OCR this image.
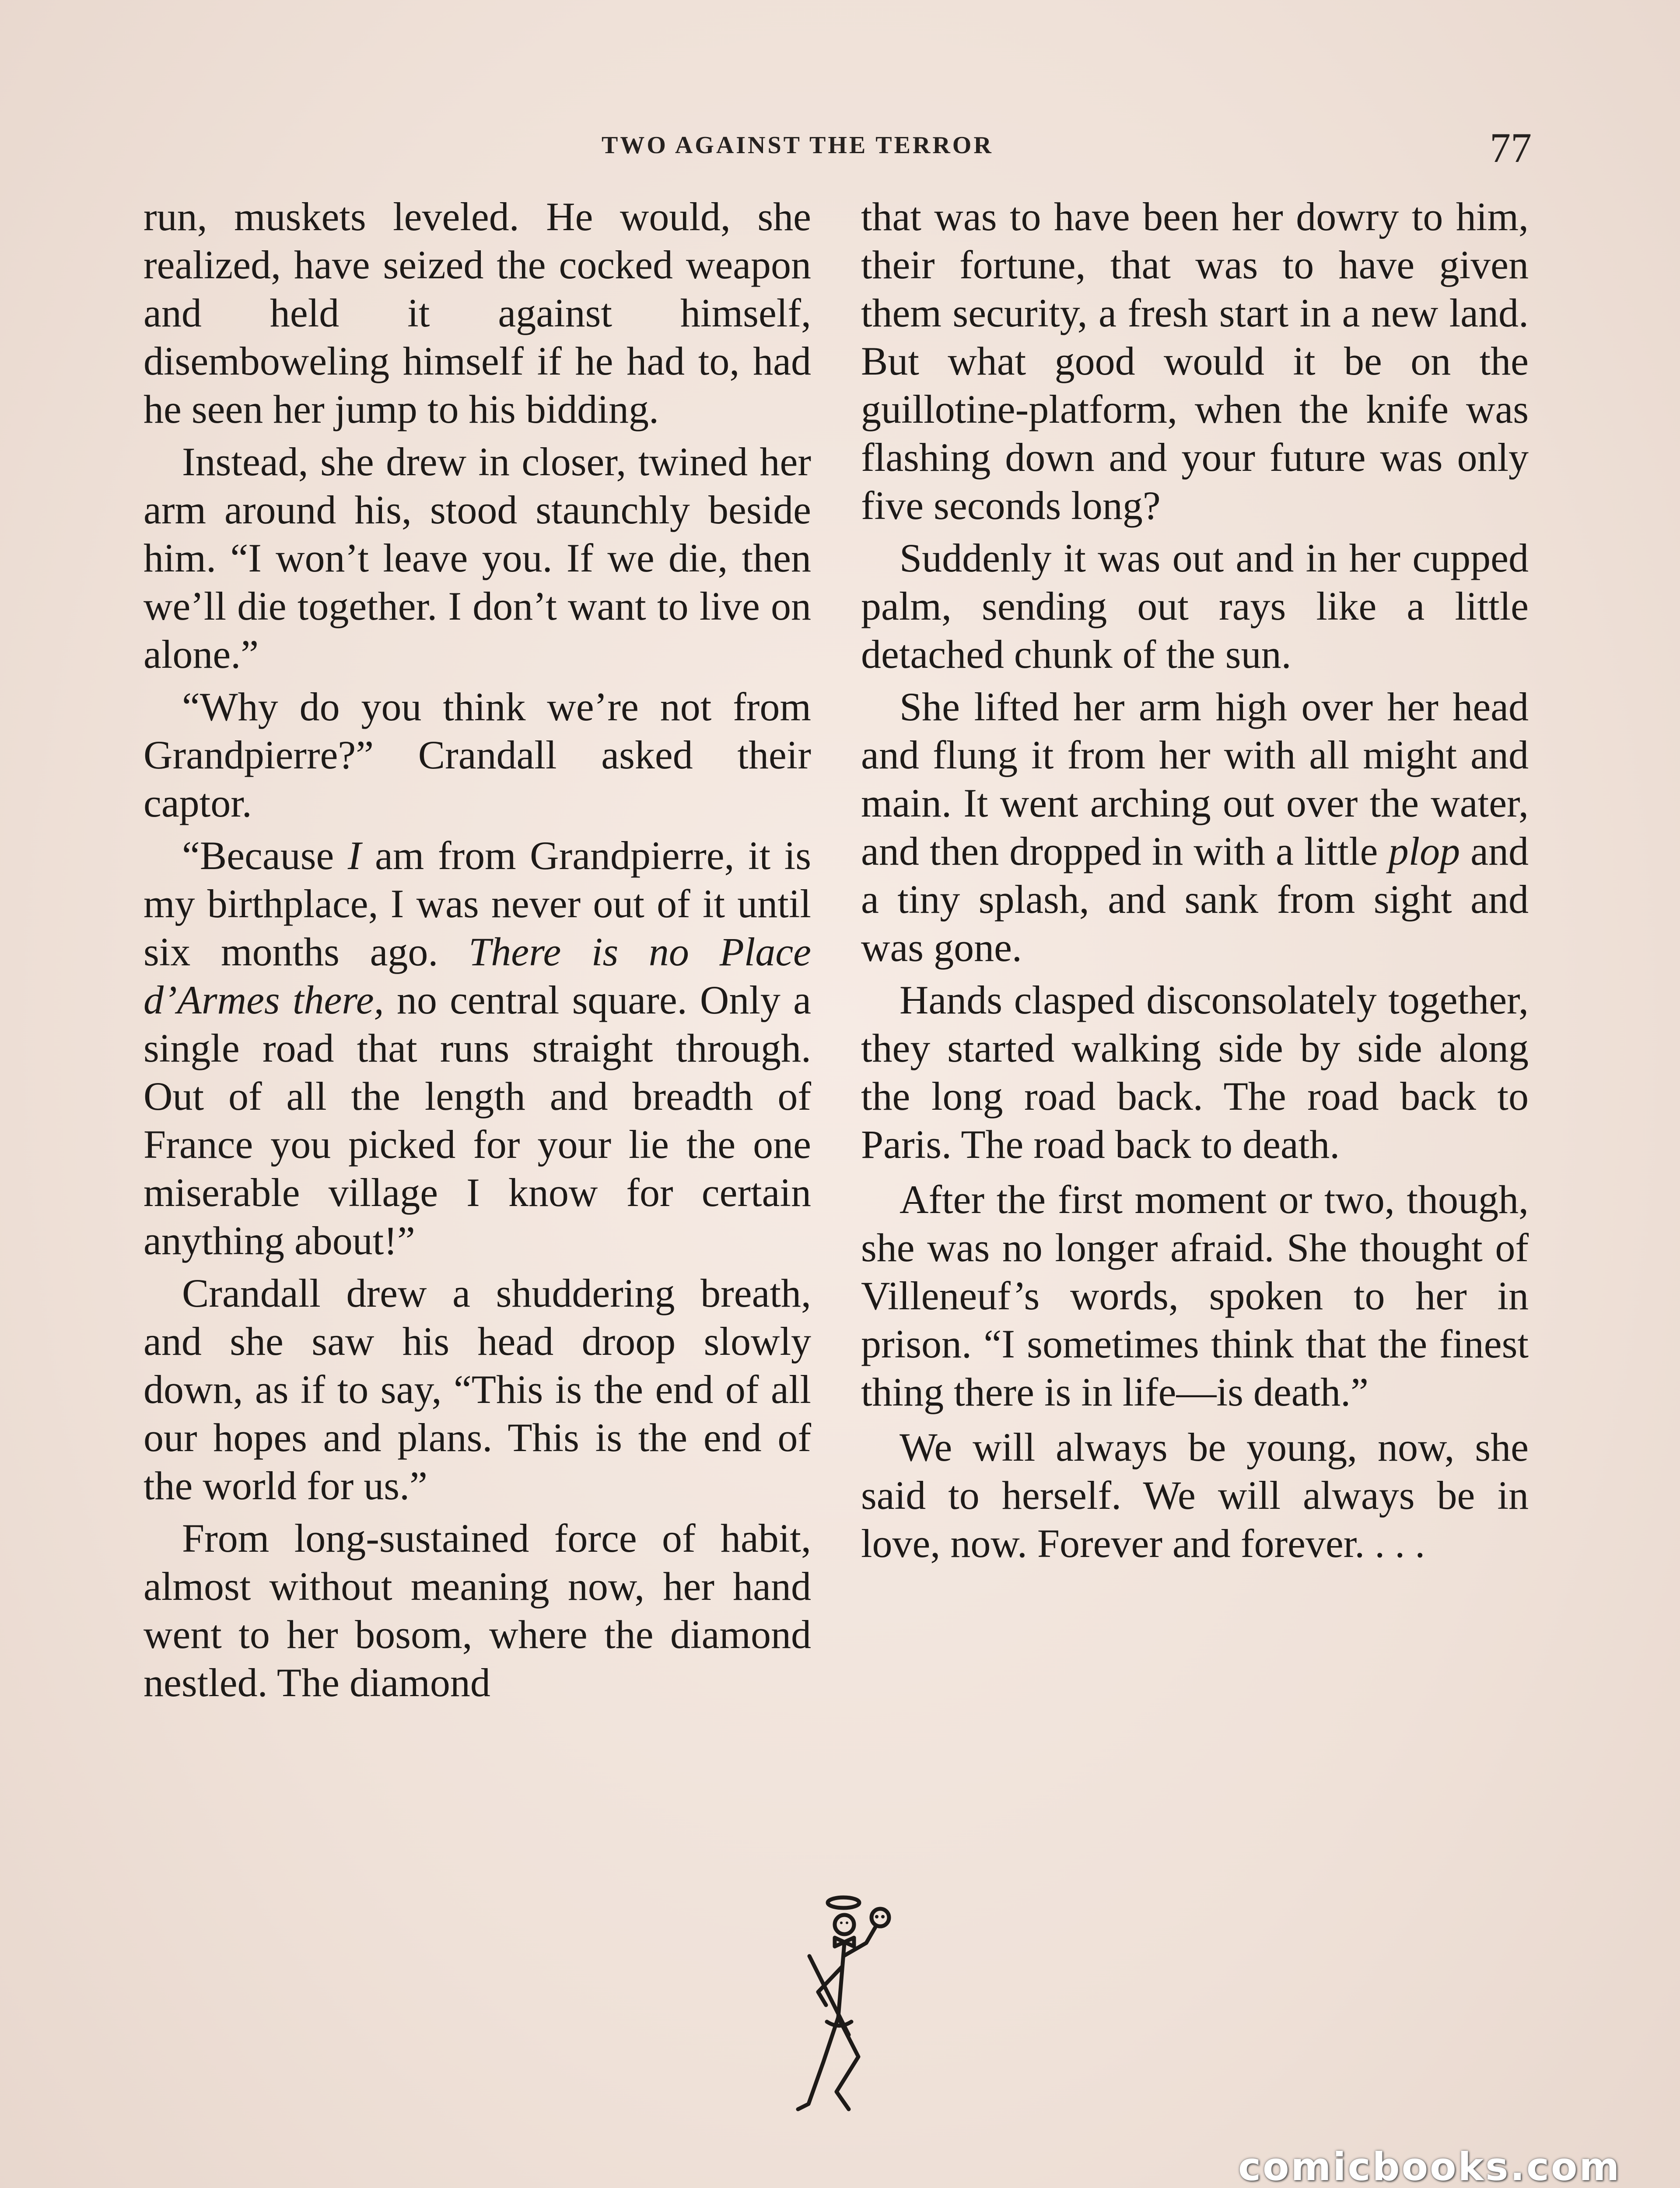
TWO AGAINST THE TERROR	77

run, muskets leveled. He would, she realized, have seized the cocked weapon and held it against himself, disemboweling himself if he had to, had he seen her jump to his bidding.

Instead, she drew in closer, twined her arm around his, stood staunchly beside him. “I won’t leave you. If we die, then we’ll die together. I don’t want to live on alone.”

“Why do you think we’re not from Grandpierre?” Crandall asked their captor.

“Because I am from Grandpierre, it is my birthplace, I was never out of it until six months ago. There is no Place d’Armes there, no central square. Only a single road that runs straight through. Out of all the length and breadth of France you picked for your lie the one miserable village I know for certain anything about!”

Crandall drew a shuddering breath, and she saw his head droop slowly down, as if to say, “This is the end of all our hopes and plans. This is the end of the world for us.”

From long-sustained force of habit, almost without meaning now, her hand went to her bosom, where the diamond nestled. The diamond

that was to have been her dowry to him, their fortune, that was to have given them security, a fresh start in a new land. But what good would it be on the guillotine-platform, when the knife was flashing down and your future was only five seconds long?

Suddenly it was out and in her cupped palm, sending out rays like a little detached chunk of the sun.

She lifted her arm high over her head and flung it from her with all might and main. It went arching out over the water, and then dropped in with a little plop and a tiny splash, and sank from sight and was gone.

Hands clasped disconsolately together, they started walking side by side along the long road back. The road back to Paris. The road back to death.

After the first moment or two, though, she was no longer afraid. She thought of Villeneuf’s words, spoken to her in prison. “I sometimes think that the finest thing there is in life—is death.”

We will always be young, now, she said to herself. We will always be in love, now. Forever and forever. . . .

comicbooks.com
